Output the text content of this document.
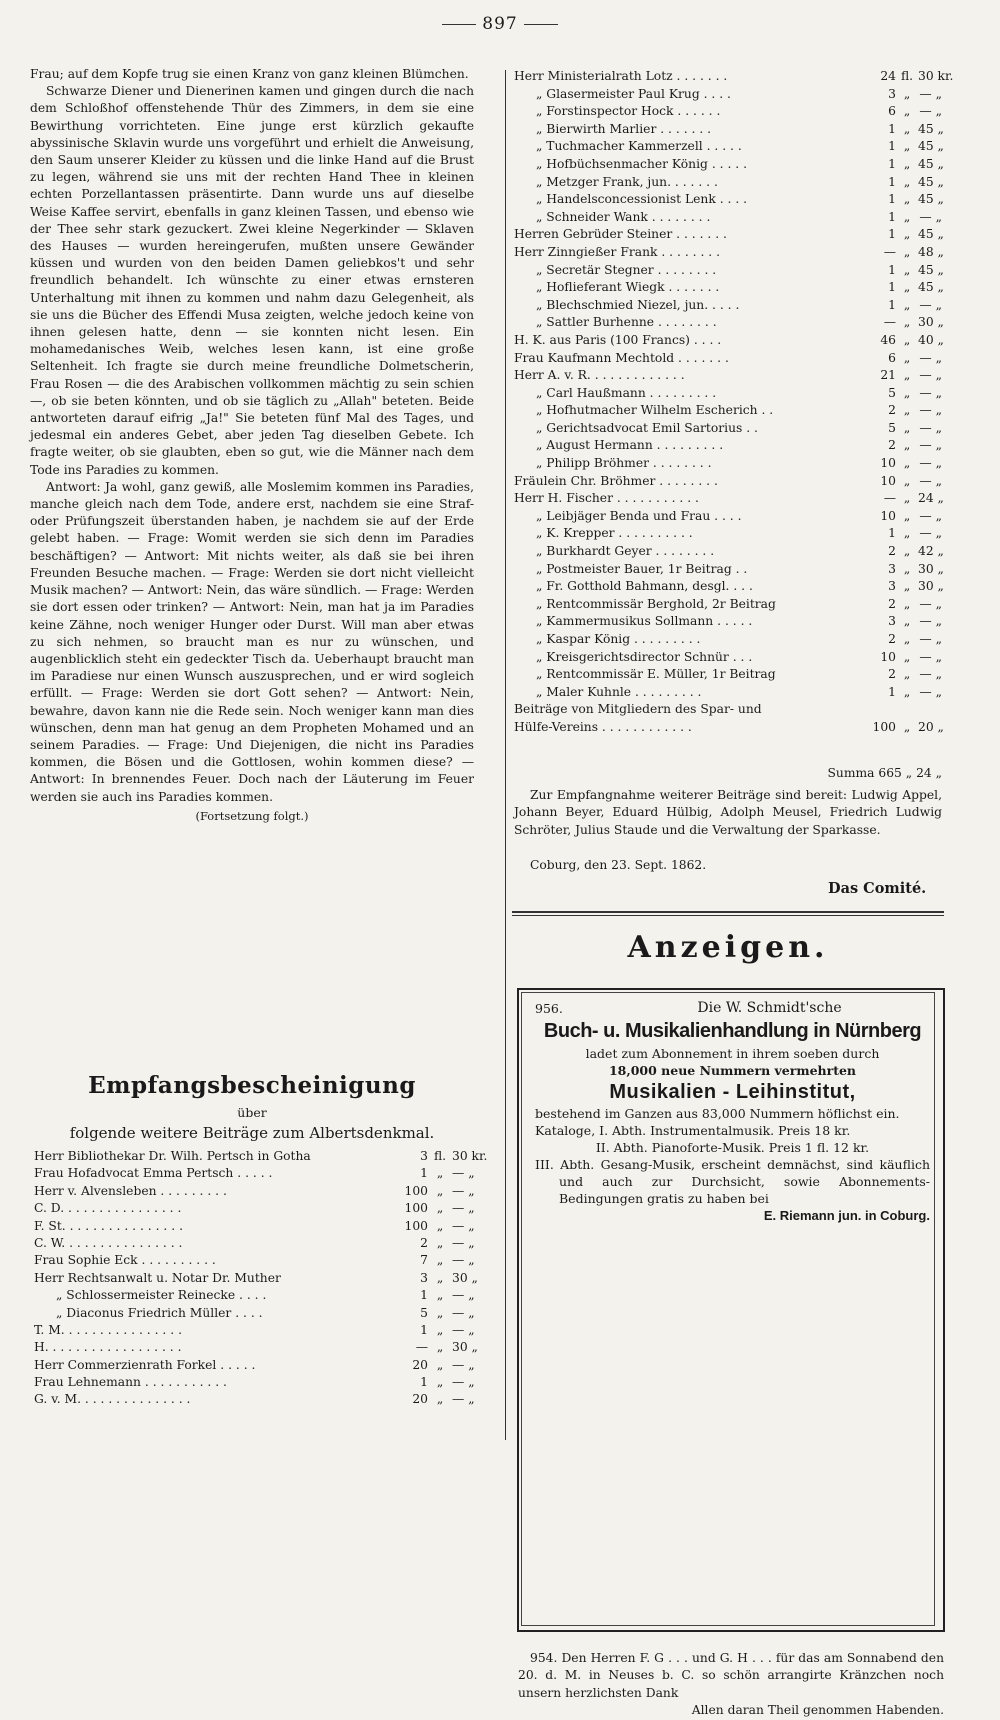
897

Frau; auf dem Kopfe trug sie einen Kranz von ganz kleinen Blümchen.

Schwarze Diener und Dienerinen kamen und gingen durch die nach dem Schloßhof offenstehende Thür des Zimmers, in dem sie eine Bewirthung vorrichteten. Eine junge erst kürzlich gekaufte abyssinische Sklavin wurde uns vorgeführt und erhielt die Anweisung, den Saum unserer Kleider zu küssen und die linke Hand auf die Brust zu legen, während sie uns mit der rechten Hand Thee in kleinen echten Porzellantassen präsentirte. Dann wurde uns auf dieselbe Weise Kaffee servirt, ebenfalls in ganz kleinen Tassen, und ebenso wie der Thee sehr stark gezuckert. Zwei kleine Negerkinder — Sklaven des Hauses — wurden hereingerufen, mußten unsere Gewänder küssen und wurden von den beiden Damen geliebkos't und sehr freundlich behandelt. Ich wünschte zu einer etwas ernsteren Unterhaltung mit ihnen zu kommen und nahm dazu Gelegenheit, als sie uns die Bücher des Effendi Musa zeigten, welche jedoch keine von ihnen gelesen hatte, denn — sie konnten nicht lesen. Ein mohamedanisches Weib, welches lesen kann, ist eine große Seltenheit. Ich fragte sie durch meine freundliche Dolmetscherin, Frau Rosen — die des Arabischen vollkommen mächtig zu sein schien —, ob sie beten könnten, und ob sie täglich zu „Allah" beteten. Beide antworteten darauf eifrig „Ja!" Sie beteten fünf Mal des Tages, und jedesmal ein anderes Gebet, aber jeden Tag dieselben Gebete. Ich fragte weiter, ob sie glaubten, eben so gut, wie die Männer nach dem Tode ins Paradies zu kommen.

Antwort: Ja wohl, ganz gewiß, alle Moslemim kommen ins Paradies, manche gleich nach dem Tode, andere erst, nachdem sie eine Straf- oder Prüfungszeit überstanden haben, je nachdem sie auf der Erde gelebt haben. — Frage: Womit werden sie sich denn im Paradies beschäftigen? — Antwort: Mit nichts weiter, als daß sie bei ihren Freunden Besuche machen. — Frage: Werden sie dort nicht vielleicht Musik machen? — Antwort: Nein, das wäre sündlich. — Frage: Werden sie dort essen oder trinken? — Antwort: Nein, man hat ja im Paradies keine Zähne, noch weniger Hunger oder Durst. Will man aber etwas zu sich nehmen, so braucht man es nur zu wünschen, und augenblicklich steht ein gedeckter Tisch da. Ueberhaupt braucht man im Paradiese nur einen Wunsch auszusprechen, und er wird sogleich erfüllt. — Frage: Werden sie dort Gott sehen? — Antwort: Nein, bewahre, davon kann nie die Rede sein. Noch weniger kann man dies wünschen, denn man hat genug an dem Propheten Mohamed und an seinem Paradies. — Frage: Und Diejenigen, die nicht ins Paradies kommen, die Bösen und die Gottlosen, wohin kommen diese? — Antwort: In brennendes Feuer. Doch nach der Läuterung im Feuer werden sie auch ins Paradies kommen.

(Fortsetzung folgt.)

Empfangsbescheinigung
über
folgende weitere Beiträge zum Albertsdenkmal.
Herr Bibliothekar Dr. Wilh. Pertsch in Gotha	3 fl. 30 kr.
Frau Hofadvocat Emma Pertsch . . . . .	1 „ — „
Herr v. Alvensleben . . . . . . . . .	100 „ — „
C. D. . . . . . . . . . . . . . . .	100 „ — „
F. St. . . . . . . . . . . . . . . .	100 „ — „
C. W. . . . . . . . . . . . . . . .	2 „ — „
Frau Sophie Eck . . . . . . . . . .	7 „ — „
Herr Rechtsanwalt u. Notar Dr. Muther	3 „ 30 „
„ Schlossermeister Reinecke . . . .	1 „ — „
„ Diaconus Friedrich Müller . . . .	5 „ — „
T. M. . . . . . . . . . . . . . . .	1 „ — „
H. . . . . . . . . . . . . . . . . .	— „ 30 „
Herr Commerzienrath Forkel . . . . .	20 „ — „
Frau Lehnemann . . . . . . . . . . .	1 „ — „
G. v. M. . . . . . . . . . . . . . .	20 „ — „
Herr Ministerialrath Lotz . . . . . . .	24 fl. 30 kr.
„ Glasermeister Paul Krug . . . .	3 „ — „
„ Forstinspector Hock . . . . . .	6 „ — „
„ Bierwirth Marlier . . . . . . .	1 „ 45 „
„ Tuchmacher Kammerzell . . . . .	1 „ 45 „
„ Hofbüchsenmacher König . . . . .	1 „ 45 „
„ Metzger Frank, jun. . . . . . .	1 „ 45 „
„ Handelsconcessionist Lenk . . . .	1 „ 45 „
„ Schneider Wank . . . . . . . .	1 „ — „
Herren Gebrüder Steiner . . . . . . .	1 „ 45 „
Herr Zinngießer Frank . . . . . . . .	— „ 48 „
„ Secretär Stegner . . . . . . . .	1 „ 45 „
„ Hoflieferant Wiegk . . . . . . .	1 „ 45 „
„ Blechschmied Niezel, jun. . . . .	1 „ — „
„ Sattler Burhenne . . . . . . . .	— „ 30 „
H. K. aus Paris (100 Francs) . . . .	46 „ 40 „
Frau Kaufmann Mechtold . . . . . . .	6 „ — „
Herr A. v. R. . . . . . . . . . . . .	21 „ — „
„ Carl Haußmann . . . . . . . . .	5 „ — „
„ Hofhutmacher Wilhelm Escherich . .	2 „ — „
„ Gerichtsadvocat Emil Sartorius . .	5 „ — „
„ August Hermann . . . . . . . . .	2 „ — „
„ Philipp Bröhmer . . . . . . . .	10 „ — „
Fräulein Chr. Bröhmer . . . . . . . .	10 „ — „
Herr H. Fischer . . . . . . . . . . .	— „ 24 „
„ Leibjäger Benda und Frau . . . .	10 „ — „
„ K. Krepper . . . . . . . . . .	1 „ — „
„ Burkhardt Geyer . . . . . . . .	2 „ 42 „
„ Postmeister Bauer, 1r Beitrag . .	3 „ 30 „
„ Fr. Gotthold Bahmann, desgl. . . .	3 „ 30 „
„ Rentcommissär Berghold, 2r Beitrag	2 „ — „
„ Kammermusikus Sollmann . . . . .	3 „ — „
„ Kaspar König . . . . . . . . .	2 „ — „
„ Kreisgerichtsdirector Schnür . . .	10 „ — „
„ Rentcommissär E. Müller, 1r Beitrag	2 „ — „
„ Maler Kuhnle . . . . . . . . .	1 „ — „
Beiträge von Mitgliedern des Spar- und
Hülfe-Vereins . . . . . . . . . . . .	100 „ 20 „
Summa 665 „ 24 „

Zur Empfangnahme weiterer Beiträge sind bereit: Ludwig Appel, Johann Beyer, Eduard Hülbig, Adolph Meusel, Friedrich Ludwig Schröter, Julius Staude und die Verwaltung der Sparkasse.

Coburg, den 23. Sept. 1862.
Das Comité.
Anzeigen.
956.	Die W. Schmidt'sche
Buch- u. Musikalienhandlung in Nürnberg
ladet zum Abonnement in ihrem soeben durch
18,000 neue Nummern vermehrten
Musikalien - Leihinstitut,
bestehend im Ganzen aus 83,000 Nummern höflichst ein.
Kataloge, I. Abth. Instrumentalmusik. Preis 18 kr.
II. Abth. Pianoforte-Musik. Preis 1 fl. 12 kr.
III. Abth. Gesang-Musik, erscheint demnächst, sind käuflich und auch zur Durchsicht, sowie Abonnements-Bedingungen gratis zu haben bei
E. Riemann jun. in Coburg.

954. Den Herren F. G . . . und G. H . . . für das am Sonnabend den 20. d. M. in Neuses b. C. so schön arrangirte Kränzchen noch unsern herzlichsten Dank

Allen daran Theil genommen Habenden.
